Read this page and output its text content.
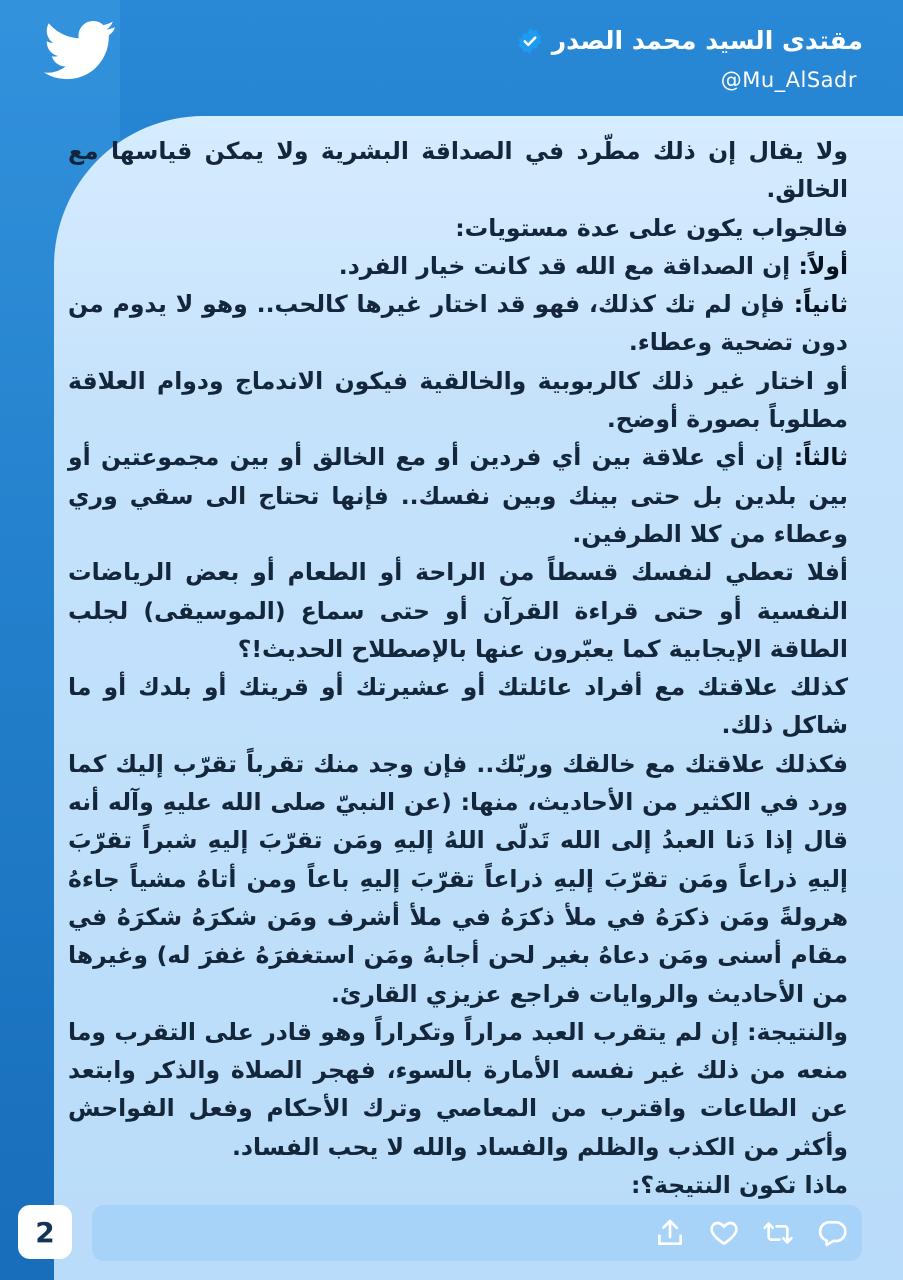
مقتدى السيد محمد الصدر
@Mu_AlSadr

ولا يقال إن ذلك مطّرد في الصداقة البشرية ولا يمكن قياسها مع الخالق.

فالجواب يكون على عدة مستويات:

أولاً: إن الصداقة مع الله قد كانت خيار الفرد.

ثانياً: فإن لم تك كذلك، فهو قد اختار غيرها كالحب.. وهو لا يدوم من دون تضحية وعطاء.

أو اختار غير ذلك كالربوبية والخالقية فيكون الاندماج ودوام العلاقة مطلوباً بصورة أوضح.

ثالثاً: إن أي علاقة بين أي فردين أو مع الخالق أو بين مجموعتين أو بين بلدين بل حتى بينك وبين نفسك.. فإنها تحتاج الى سقي وري وعطاء من كلا الطرفين.

أفلا تعطي لنفسك قسطاً من الراحة أو الطعام أو بعض الرياضات النفسية أو حتى قراءة القرآن أو حتى سماع (الموسيقى) لجلب الطاقة الإيجابية كما يعبّرون عنها بالإصطلاح الحديث!؟

كذلك علاقتك مع أفراد عائلتك أو عشيرتك أو قريتك أو بلدك أو ما شاكل ذلك.

فكذلك علاقتك مع خالقك وربّك.. فإن وجد منك تقرباً تقرّب إليك كما ورد في الكثير من الأحاديث، منها: (عن النبيّ صلى الله عليهِ وآله أنه قال إذا دَنا العبدُ إلى الله تَدلّى اللهُ إليهِ ومَن تقرّبَ إليهِ شبراً تقرّبَ إليهِ ذراعاً ومَن تقرّبَ إليهِ ذراعاً تقرّبَ إليهِ باعاً ومن أتاهُ مشياً جاءهُ هرولةً ومَن ذكرَهُ في ملأ ذكرَهُ في ملأ أشرف ومَن شكرَهُ شكرَهُ في مقام أسنى ومَن دعاهُ بغير لحن أجابهُ ومَن استغفرَهُ غفرَ له) وغيرها من الأحاديث والروايات فراجع عزيزي القارئ.

والنتيجة: إن لم يتقرب العبد مراراً وتكراراً وهو قادر على التقرب وما منعه من ذلك غير نفسه الأمارة بالسوء، فهجر الصلاة والذكر وابتعد عن الطاعات واقترب من المعاصي وترك الأحكام وفعل الفواحش وأكثر من الكذب والظلم والفساد والله لا يحب الفساد.

ماذا تكون النتيجة؟:

2
